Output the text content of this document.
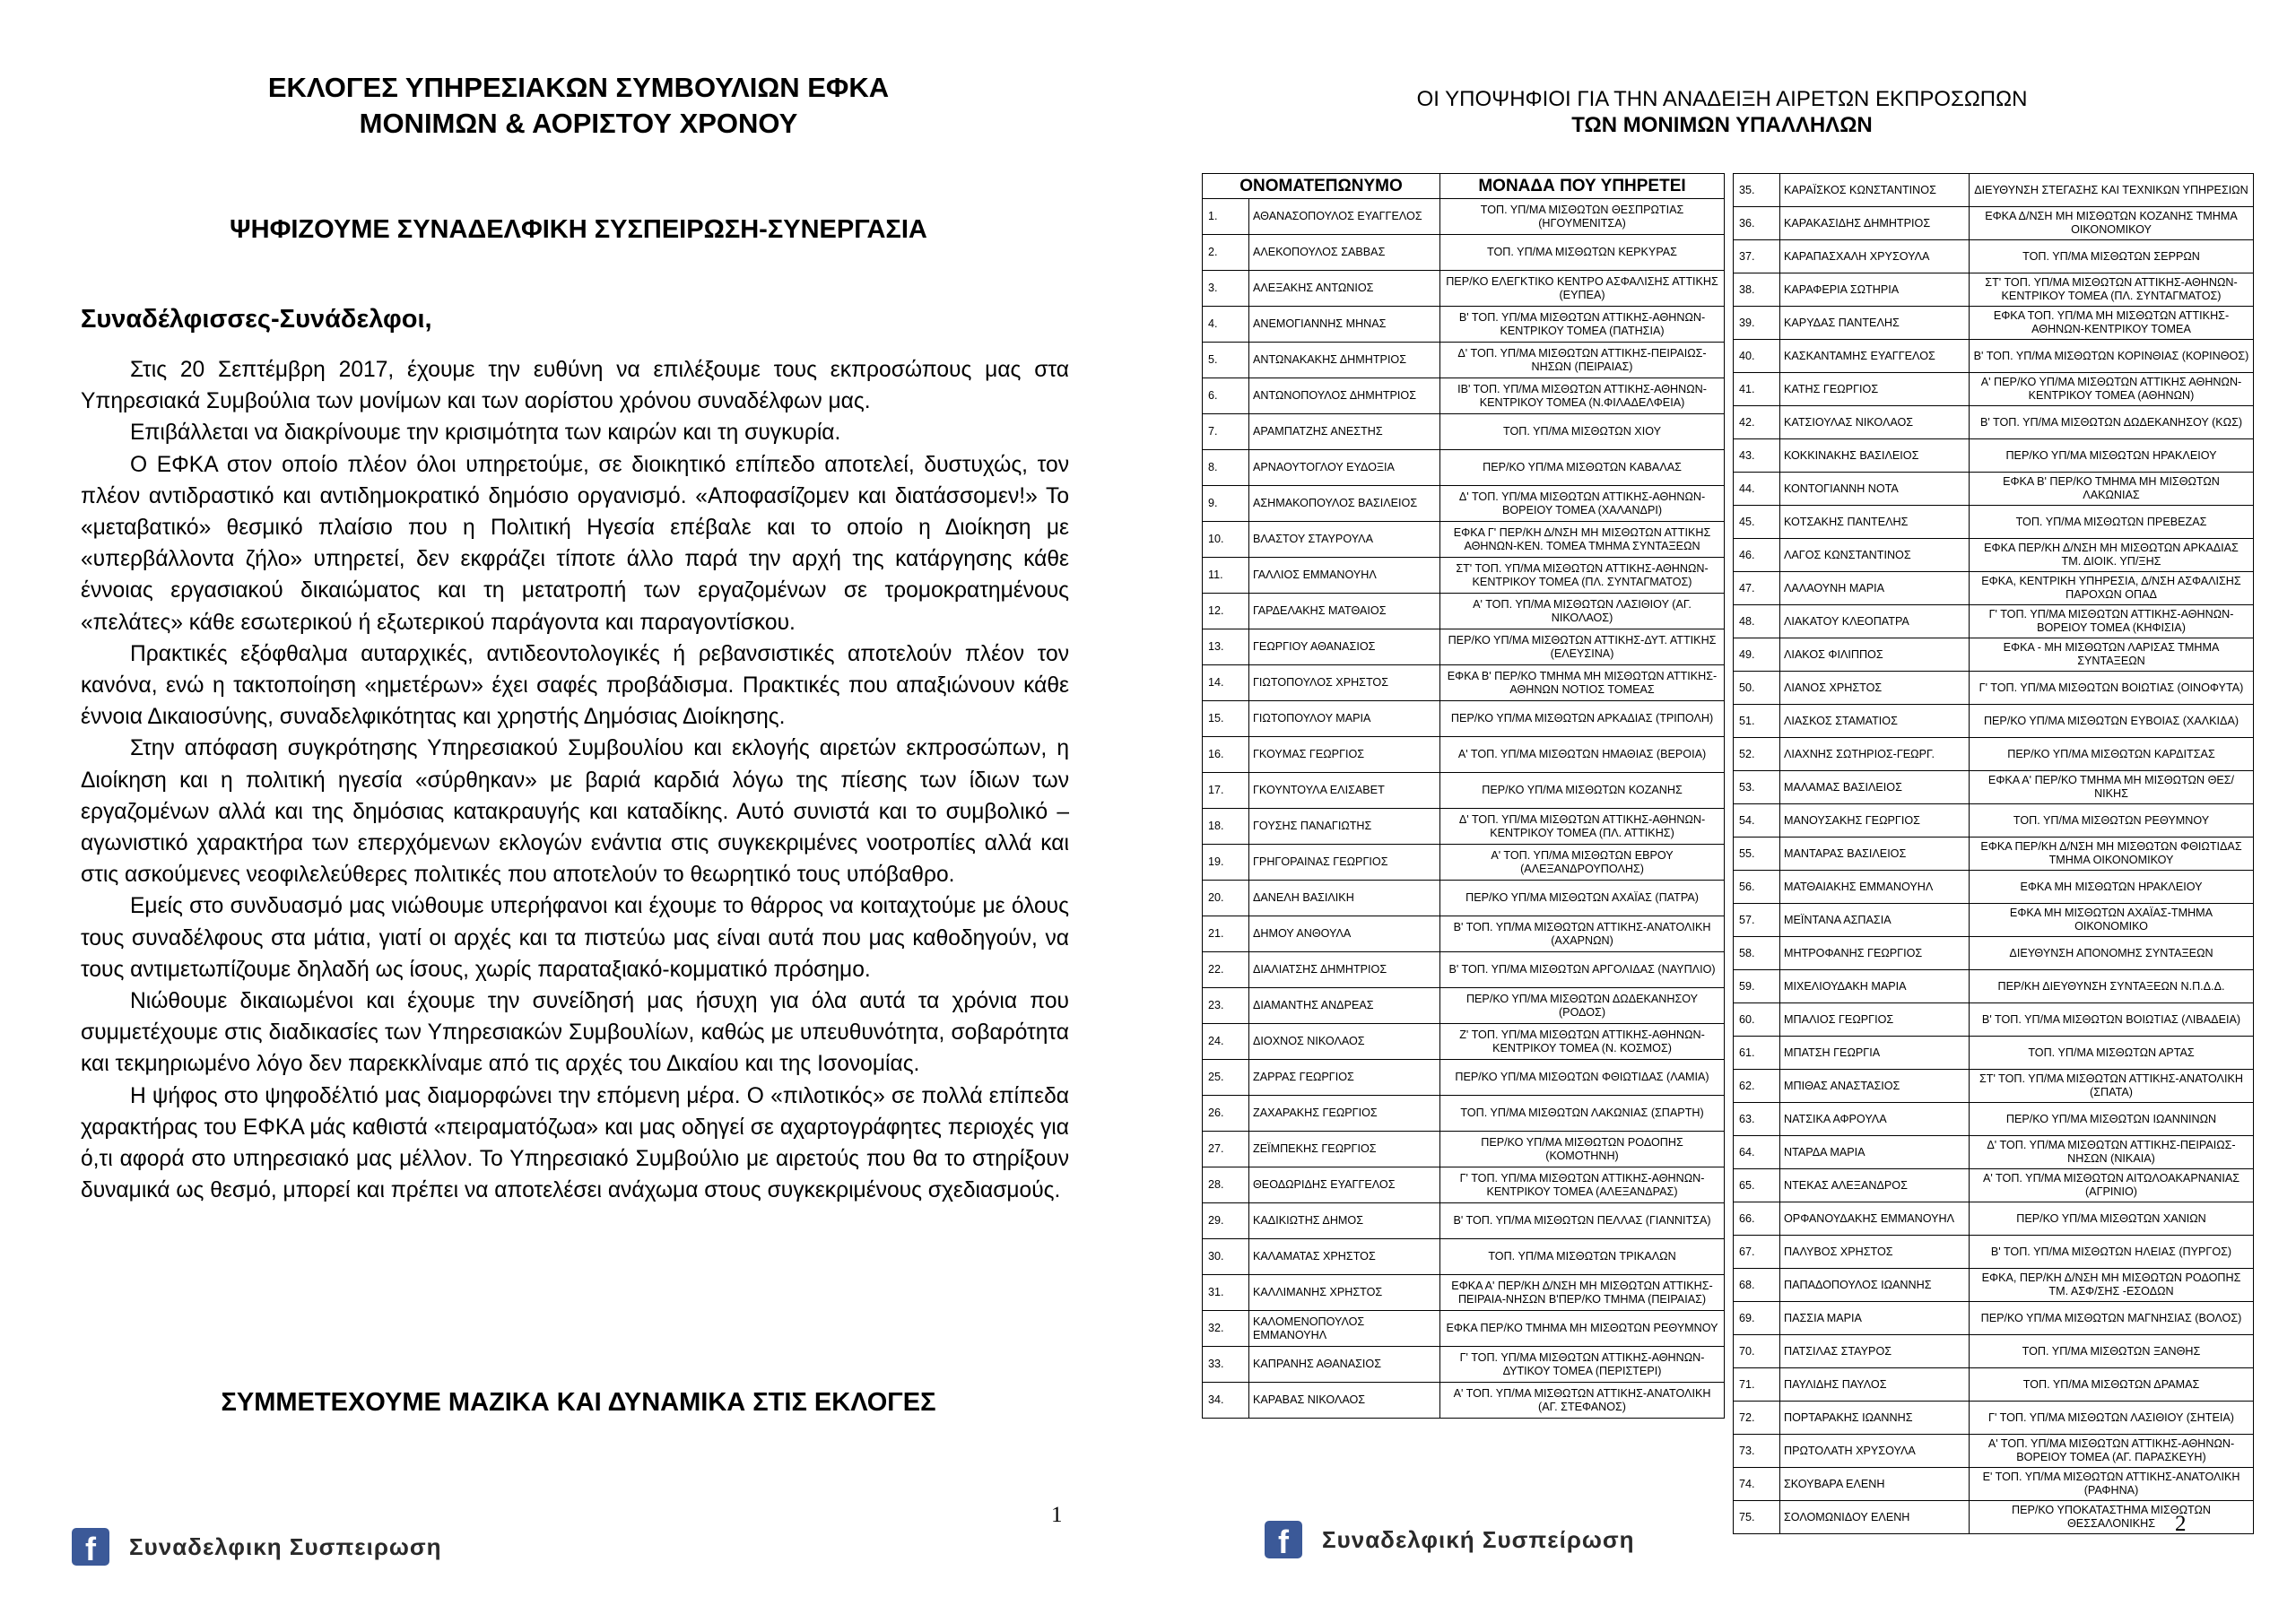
ΕΚΛΟΓΕΣ ΥΠΗΡΕΣΙΑΚΩΝ ΣΥΜΒΟΥΛΙΩΝ ΕΦΚΑ
ΜΟΝΙΜΩΝ & ΑΟΡΙΣΤΟΥ ΧΡΟΝΟΥ
ΨΗΦΙΖΟΥΜΕ ΣΥΝΑΔΕΛΦΙΚΗ ΣΥΣΠΕΙΡΩΣΗ-ΣΥΝΕΡΓΑΣΙΑ
Συναδέλφισσες-Συνάδελφοι,

Στις 20 Σεπτέμβρη 2017, έχουμε την ευθύνη να επιλέξουμε τους εκπροσώπους μας στα Υπηρεσιακά Συμβούλια των μονίμων και των αορίστου χρόνου συναδέλφων μας.

Επιβάλλεται να διακρίνουμε την κρισιμότητα των καιρών και τη συγκυρία.

Ο ΕΦΚΑ στον οποίο πλέον όλοι υπηρετούμε, σε διοικητικό επίπεδο αποτελεί, δυστυχώς, τον πλέον αντιδραστικό και αντιδημοκρατικό δημόσιο οργανισμό. «Αποφασίζομεν και διατάσσομεν!» Το «μεταβατικό» θεσμικό πλαίσιο που η Πολιτική Ηγεσία επέβαλε και το οποίο η Διοίκηση με «υπερβάλλοντα ζήλο» υπηρετεί, δεν εκφράζει τίποτε άλλο παρά την αρχή της κατάργησης κάθε έννοιας εργασιακού δικαιώματος και τη μετατροπή των εργαζομένων σε τρομοκρατημένους «πελάτες» κάθε εσωτερικού ή εξωτερικού παράγοντα και παραγοντίσκου.

Πρακτικές εξόφθαλμα αυταρχικές, αντιδεοντολογικές ή ρεβανσιστικές αποτελούν πλέον τον κανόνα, ενώ η τακτοποίηση «ημετέρων» έχει σαφές προβάδισμα. Πρακτικές που απαξιώνουν κάθε έννοια Δικαιοσύνης, συναδελφικότητας και χρηστής Δημόσιας Διοίκησης.

Στην απόφαση συγκρότησης Υπηρεσιακού Συμβουλίου και εκλογής αιρετών εκπροσώπων, η Διοίκηση και η πολιτική ηγεσία «σύρθηκαν» με βαριά καρδιά λόγω της πίεσης των ίδιων των εργαζομένων αλλά και της δημόσιας κατακραυγής και καταδίκης. Αυτό συνιστά και το συμβολικό – αγωνιστικό χαρακτήρα των επερχόμενων εκλογών ενάντια στις συγκεκριμένες νοοτροπίες αλλά και στις ασκούμενες νεοφιλελεύθερες πολιτικές που αποτελούν το θεωρητικό τους υπόβαθρο.

Εμείς στο συνδυασμό μας νιώθουμε υπερήφανοι και έχουμε το θάρρος να κοιταχτούμε με όλους τους συναδέλφους στα μάτια, γιατί οι αρχές και τα πιστεύω μας είναι αυτά που μας καθοδηγούν, να τους αντιμετωπίζουμε δηλαδή ως ίσους, χωρίς παραταξιακό-κομματικό πρόσημο.

Νιώθουμε δικαιωμένοι και έχουμε την συνείδησή μας ήσυχη για όλα αυτά τα χρόνια που συμμετέχουμε στις διαδικασίες των Υπηρεσιακών Συμβουλίων, καθώς με υπευθυνότητα, σοβαρότητα και τεκμηριωμένο λόγο δεν παρεκκλίναμε από τις αρχές του Δικαίου και της Ισονομίας.

Η ψήφος στο ψηφοδέλτιό μας διαμορφώνει την επόμενη μέρα. Ο «πιλοτικός» σε πολλά επίπεδα χαρακτήρας του ΕΦΚΑ μάς καθιστά «πειραματόζωα» και μας οδηγεί σε αχαρτογράφητες περιοχές για ό,τι αφορά στο υπηρεσιακό μας μέλλον. Το Υπηρεσιακό Συμβούλιο με αιρετούς που θα το στηρίξουν δυναμικά ως θεσμό, μπορεί και πρέπει να αποτελέσει ανάχωμα στους συγκεκριμένους σχεδιασμούς.

ΣΥΜΜΕΤΕΧΟΥΜΕ ΜΑΖΙΚΑ ΚΑΙ ΔΥΝΑΜΙΚΑ ΣΤΙΣ ΕΚΛΟΓΕΣ
1
f	Συναδελφικη Συσπειρωση
ΟΙ ΥΠΟΨΗΦΙΟΙ ΓΙΑ ΤΗΝ ΑΝΑΔΕΙΞΗ ΑΙΡΕΤΩΝ ΕΚΠΡΟΣΩΠΩΝ
ΤΩΝ ΜΟΝΙΜΩΝ ΥΠΑΛΛΗΛΩΝ
ΟΝΟΜΑΤΕΠΩΝΥΜΟ		ΜΟΝΑΔΑ ΠΟΥ ΥΠΗΡΕΤΕΙ
1.	ΑΘΑΝΑΣΟΠΟΥΛΟΣ ΕΥΑΓΓΕΛΟΣ	ΤΟΠ. ΥΠ/ΜΑ ΜΙΣΘΩΤΩΝ ΘΕΣΠΡΩΤΙΑΣ (ΗΓΟΥΜΕΝΙΤΣΑ)
2.	ΑΛΕΚΟΠΟΥΛΟΣ ΣΑΒΒΑΣ	ΤΟΠ. ΥΠ/ΜΑ ΜΙΣΘΩΤΩΝ ΚΕΡΚΥΡΑΣ
3.	ΑΛΕΞΑΚΗΣ ΑΝΤΩΝΙΟΣ	ΠΕΡ/ΚΟ ΕΛΕΓΚΤΙΚΟ ΚΕΝΤΡΟ ΑΣΦΑΛΙΣΗΣ ΑΤΤΙΚΗΣ (ΕΥΠΕΑ)
4.	ΑΝΕΜΟΓΙΑΝΝΗΣ ΜΗΝΑΣ	Β' ΤΟΠ. ΥΠ/ΜΑ ΜΙΣΘΩΤΩΝ ΑΤΤΙΚΗΣ-ΑΘΗΝΩΝ- ΚΕΝΤΡΙΚΟΥ ΤΟΜΕΑ (ΠΑΤΗΣΙΑ)
5.	ΑΝΤΩΝΑΚΑΚΗΣ ΔΗΜΗΤΡΙΟΣ	Δ' ΤΟΠ. ΥΠ/ΜΑ ΜΙΣΘΩΤΩΝ ΑΤΤΙΚΗΣ-ΠΕΙΡΑΙΩΣ-ΝΗΣΩΝ (ΠΕΙΡΑΙΑΣ)
6.	ΑΝΤΩΝΟΠΟΥΛΟΣ ΔΗΜΗΤΡΙΟΣ	ΙΒ' ΤΟΠ. ΥΠ/ΜΑ ΜΙΣΘΩΤΩΝ ΑΤΤΙΚΗΣ-ΑΘΗΝΩΝ-ΚΕΝΤΡΙΚΟΥ ΤΟΜΕΑ (Ν.ΦΙΛΑΔΕΛΦΕΙΑ)
7.	ΑΡΑΜΠΑΤΖΗΣ ΑΝΕΣΤΗΣ	ΤΟΠ. ΥΠ/ΜΑ ΜΙΣΘΩΤΩΝ ΧΙΟΥ
8.	ΑΡΝΑΟΥΤΟΓΛΟΥ ΕΥΔΟΞΙΑ	ΠΕΡ/ΚΟ ΥΠ/ΜΑ ΜΙΣΘΩΤΩΝ ΚΑΒΑΛΑΣ
9.	ΑΣΗΜΑΚΟΠΟΥΛΟΣ ΒΑΣΙΛΕΙΟΣ	Δ' ΤΟΠ. ΥΠ/ΜΑ ΜΙΣΘΩΤΩΝ ΑΤΤΙΚΗΣ-ΑΘΗΝΩΝ-ΒΟΡΕΙΟΥ ΤΟΜΕΑ (ΧΑΛΑΝΔΡΙ)
10.	ΒΛΑΣΤΟΥ ΣΤΑΥΡΟΥΛΑ	ΕΦΚΑ Γ' ΠΕΡ/ΚΗ Δ/ΝΣΗ ΜΗ ΜΙΣΘΩΤΩΝ ΑΤΤΙΚΗΣ ΑΘΗΝΩΝ-ΚΕΝ. ΤΟΜΕΑ ΤΜΗΜΑ ΣΥΝΤΑΞΕΩΝ
11.	ΓΑΛΛΙΟΣ ΕΜΜΑΝΟΥΗΛ	ΣΤ' ΤΟΠ. ΥΠ/ΜΑ ΜΙΣΘΩΤΩΝ ΑΤΤΙΚΗΣ-ΑΘΗΝΩΝ-ΚΕΝΤΡΙΚΟΥ ΤΟΜΕΑ (ΠΛ. ΣΥΝΤΑΓΜΑΤΟΣ)
12.	ΓΑΡΔΕΛΑΚΗΣ ΜΑΤΘΑΙΟΣ	Α' ΤΟΠ. ΥΠ/ΜΑ ΜΙΣΘΩΤΩΝ ΛΑΣΙΘΙΟΥ (ΑΓ. ΝΙΚΟΛΑΟΣ)
13.	ΓΕΩΡΓΙΟΥ ΑΘΑΝΑΣΙΟΣ	ΠΕΡ/ΚΟ ΥΠ/ΜΑ ΜΙΣΘΩΤΩΝ ΑΤΤΙΚΗΣ-ΔΥΤ. ΑΤΤΙΚΗΣ (ΕΛΕΥΣΙΝΑ)
14.	ΓΙΩΤΟΠΟΥΛΟΣ ΧΡΗΣΤΟΣ	ΕΦΚΑ Β' ΠΕΡ/ΚΟ ΤΜΗΜΑ ΜΗ ΜΙΣΘΩΤΩΝ ΑΤΤΙΚΗΣ-ΑΘΗΝΩΝ ΝΟΤΙΟΣ ΤΟΜΕΑΣ
15.	ΓΙΩΤΟΠΟΥΛΟΥ ΜΑΡΙΑ	ΠΕΡ/ΚΟ ΥΠ/ΜΑ ΜΙΣΘΩΤΩΝ ΑΡΚΑΔΙΑΣ (ΤΡΙΠΟΛΗ)
16.	ΓΚΟΥΜΑΣ ΓΕΩΡΓΙΟΣ	Α' ΤΟΠ. ΥΠ/ΜΑ ΜΙΣΘΩΤΩΝ ΗΜΑΘΙΑΣ (ΒΕΡΟΙΑ)
17.	ΓΚΟΥΝΤΟΥΛΑ ΕΛΙΣΑΒΕΤ	ΠΕΡ/ΚΟ ΥΠ/ΜΑ ΜΙΣΘΩΤΩΝ ΚΟΖΑΝΗΣ
18.	ΓΟΥΣΗΣ ΠΑΝΑΓΙΩΤΗΣ	Δ' ΤΟΠ. ΥΠ/ΜΑ ΜΙΣΘΩΤΩΝ ΑΤΤΙΚΗΣ-ΑΘΗΝΩΝ-ΚΕΝΤΡΙΚΟΥ ΤΟΜΕΑ (ΠΛ. ΑΤΤΙΚΗΣ)
19.	ΓΡΗΓΟΡΑΙΝΑΣ ΓΕΩΡΓΙΟΣ	Α' ΤΟΠ. ΥΠ/ΜΑ ΜΙΣΘΩΤΩΝ ΕΒΡΟΥ (ΑΛΕΞΑΝΔΡΟΥΠΟΛΗΣ)
20.	ΔΑΝΕΛΗ ΒΑΣΙΛΙΚΗ	ΠΕΡ/ΚΟ ΥΠ/ΜΑ ΜΙΣΘΩΤΩΝ ΑΧΑΪΑΣ (ΠΑΤΡΑ)
21.	ΔΗΜΟΥ ΑΝΘΟΥΛΑ	Β' ΤΟΠ. ΥΠ/ΜΑ ΜΙΣΘΩΤΩΝ ΑΤΤΙΚΗΣ-ΑΝΑΤΟΛΙΚΗ (ΑΧΑΡΝΩΝ)
22.	ΔΙΑΛΙΑΤΣΗΣ ΔΗΜΗΤΡΙΟΣ	Β' ΤΟΠ. ΥΠ/ΜΑ ΜΙΣΘΩΤΩΝ ΑΡΓΟΛΙΔΑΣ (ΝΑΥΠΛΙΟ)
23.	ΔΙΑΜΑΝΤΗΣ ΑΝΔΡΕΑΣ	ΠΕΡ/ΚΟ ΥΠ/ΜΑ ΜΙΣΘΩΤΩΝ ΔΩΔΕΚΑΝΗΣΟΥ (ΡΟΔΟΣ)
24.	ΔΙΟΧΝΟΣ ΝΙΚΟΛΑΟΣ	Ζ' ΤΟΠ. ΥΠ/ΜΑ ΜΙΣΘΩΤΩΝ ΑΤΤΙΚΗΣ-ΑΘΗΝΩΝ- ΚΕΝΤΡΙΚΟΥ ΤΟΜΕΑ (Ν. ΚΟΣΜΟΣ)
25.	ΖΑΡΡΑΣ ΓΕΩΡΓΙΟΣ	ΠΕΡ/ΚΟ ΥΠ/ΜΑ ΜΙΣΘΩΤΩΝ ΦΘΙΩΤΙΔΑΣ (ΛΑΜΙΑ)
26.	ΖΑΧΑΡΑΚΗΣ ΓΕΩΡΓΙΟΣ	ΤΟΠ. ΥΠ/ΜΑ ΜΙΣΘΩΤΩΝ ΛΑΚΩΝΙΑΣ (ΣΠΑΡΤΗ)
27.	ΖΕΪΜΠΕΚΗΣ ΓΕΩΡΓΙΟΣ	ΠΕΡ/ΚΟ ΥΠ/ΜΑ ΜΙΣΘΩΤΩΝ ΡΟΔΟΠΗΣ (ΚΟΜΟΤΗΝΗ)
28.	ΘΕΟΔΩΡΙΔΗΣ ΕΥΑΓΓΕΛΟΣ	Γ' ΤΟΠ. ΥΠ/ΜΑ ΜΙΣΘΩΤΩΝ ΑΤΤΙΚΗΣ-ΑΘΗΝΩΝ- ΚΕΝΤΡΙΚΟΥ ΤΟΜΕΑ (ΑΛΕΞΑΝΔΡΑΣ)
29.	ΚΑΔΙΚΙΩΤΗΣ ΔΗΜΟΣ	Β' ΤΟΠ. ΥΠ/ΜΑ ΜΙΣΘΩΤΩΝ ΠΕΛΛΑΣ (ΓΙΑΝΝΙΤΣΑ)
30.	ΚΑΛΑΜΑΤΑΣ ΧΡΗΣΤΟΣ	ΤΟΠ. ΥΠ/ΜΑ ΜΙΣΘΩΤΩΝ ΤΡΙΚΑΛΩΝ
31.	ΚΑΛΛΙΜΑΝΗΣ ΧΡΗΣΤΟΣ	ΕΦΚΑ Α' ΠΕΡ/ΚΗ Δ/ΝΣΗ ΜΗ ΜΙΣΘΩΤΩΝ ΑΤΤΙΚΗΣ-ΠΕΙΡΑΙΑ-ΝΗΣΩΝ Β'ΠΕΡ/ΚΟ ΤΜΗΜΑ (ΠΕΙΡΑΙΑΣ)
32.	ΚΑΛΟΜΕΝΟΠΟΥΛΟΣ ΕΜΜΑΝΟΥΗΛ	ΕΦΚΑ ΠΕΡ/ΚΟ ΤΜΗΜΑ ΜΗ ΜΙΣΘΩΤΩΝ ΡΕΘΥΜΝΟΥ
33.	ΚΑΠΡΑΝΗΣ ΑΘΑΝΑΣΙΟΣ	Γ' ΤΟΠ. ΥΠ/ΜΑ ΜΙΣΘΩΤΩΝ ΑΤΤΙΚΗΣ-ΑΘΗΝΩΝ-ΔΥΤΙΚΟΥ ΤΟΜΕΑ (ΠΕΡΙΣΤΕΡΙ)
34.	ΚΑΡΑΒΑΣ ΝΙΚΟΛΑΟΣ	Α' ΤΟΠ. ΥΠ/ΜΑ ΜΙΣΘΩΤΩΝ ΑΤΤΙΚΗΣ-ΑΝΑΤΟΛΙΚΗ (ΑΓ. ΣΤΕΦΑΝΟΣ)
35.	ΚΑΡΑΪΣΚΟΣ ΚΩΝΣΤΑΝΤΙΝΟΣ	ΔΙΕΥΘΥΝΣΗ ΣΤΕΓΑΣΗΣ ΚΑΙ ΤΕΧΝΙΚΩΝ ΥΠΗΡΕΣΙΩΝ
36.	ΚΑΡΑΚΑΣΙΔΗΣ ΔΗΜΗΤΡΙΟΣ	ΕΦΚΑ Δ/ΝΣΗ ΜΗ ΜΙΣΘΩΤΩΝ ΚΟΖΑΝΗΣ ΤΜΗΜΑ ΟΙΚΟΝΟΜΙΚΟΥ
37.	ΚΑΡΑΠΑΣΧΑΛΗ ΧΡΥΣΟΥΛΑ	ΤΟΠ. ΥΠ/ΜΑ ΜΙΣΘΩΤΩΝ ΣΕΡΡΩΝ
38.	ΚΑΡΑΦΕΡΙΑ ΣΩΤΗΡΙΑ	ΣΤ' ΤΟΠ. ΥΠ/ΜΑ ΜΙΣΘΩΤΩΝ ΑΤΤΙΚΗΣ-ΑΘΗΝΩΝ-ΚΕΝΤΡΙΚΟΥ ΤΟΜΕΑ (ΠΛ. ΣΥΝΤΑΓΜΑΤΟΣ)
39.	ΚΑΡΥΔΑΣ ΠΑΝΤΕΛΗΣ	ΕΦΚΑ ΤΟΠ. ΥΠ/ΜΑ ΜΗ ΜΙΣΘΩΤΩΝ ΑΤΤΙΚΗΣ-ΑΘΗΝΩΝ-ΚΕΝΤΡΙΚΟΥ ΤΟΜΕΑ
40.	ΚΑΣΚΑΝΤΑΜΗΣ ΕΥΑΓΓΕΛΟΣ	Β' ΤΟΠ. ΥΠ/ΜΑ ΜΙΣΘΩΤΩΝ ΚΟΡΙΝΘΙΑΣ (ΚΟΡΙΝΘΟΣ)
41.	ΚΑΤΗΣ ΓΕΩΡΓΙΟΣ	Α' ΠΕΡ/ΚΟ ΥΠ/ΜΑ ΜΙΣΘΩΤΩΝ ΑΤΤΙΚΗΣ ΑΘΗΝΩΝ-ΚΕΝΤΡΙΚΟΥ ΤΟΜΕΑ (ΑΘΗΝΩΝ)
42.	ΚΑΤΣΙΟΥΛΑΣ ΝΙΚΟΛΑΟΣ	Β' ΤΟΠ. ΥΠ/ΜΑ ΜΙΣΘΩΤΩΝ ΔΩΔΕΚΑΝΗΣΟΥ (ΚΩΣ)
43.	ΚΟΚΚΙΝΑΚΗΣ ΒΑΣΙΛΕΙΟΣ	ΠΕΡ/ΚΟ ΥΠ/ΜΑ ΜΙΣΘΩΤΩΝ ΗΡΑΚΛΕΙΟΥ
44.	ΚΟΝΤΟΓΙΑΝΝΗ ΝΟΤΑ	ΕΦΚΑ Β' ΠΕΡ/ΚΟ ΤΜΗΜΑ ΜΗ ΜΙΣΘΩΤΩΝ ΛΑΚΩΝΙΑΣ
45.	ΚΟΤΣΑΚΗΣ ΠΑΝΤΕΛΗΣ	ΤΟΠ. ΥΠ/ΜΑ ΜΙΣΘΩΤΩΝ ΠΡΕΒΕΖΑΣ
46.	ΛΑΓΟΣ ΚΩΝΣΤΑΝΤΙΝΟΣ	ΕΦΚΑ ΠΕΡ/ΚΗ Δ/ΝΣΗ ΜΗ ΜΙΣΘΩΤΩΝ ΑΡΚΑΔΙΑΣ ΤΜ. ΔΙΟΙΚ. ΥΠ/ΞΗΣ
47.	ΛΑΛΑΟΥΝΗ ΜΑΡΙΑ	ΕΦΚΑ, ΚΕΝΤΡΙΚΗ ΥΠΗΡΕΣΙΑ, Δ/ΝΣΗ ΑΣΦΑΛΙΣΗΣ ΠΑΡΟΧΩΝ ΟΠΑΔ
48.	ΛΙΑΚΑΤΟΥ ΚΛΕΟΠΑΤΡΑ	Γ' ΤΟΠ. ΥΠ/ΜΑ ΜΙΣΘΩΤΩΝ ΑΤΤΙΚΗΣ-ΑΘΗΝΩΝ-ΒΟΡΕΙΟΥ ΤΟΜΕΑ (ΚΗΦΙΣΙΑ)
49.	ΛΙΑΚΟΣ ΦΙΛΙΠΠΟΣ	ΕΦΚΑ - ΜΗ ΜΙΣΘΩΤΩΝ ΛΑΡΙΣΑΣ ΤΜΗΜΑ ΣΥΝΤΑΞΕΩΝ
50.	ΛΙΑΝΟΣ ΧΡΗΣΤΟΣ	Γ' ΤΟΠ. ΥΠ/ΜΑ ΜΙΣΘΩΤΩΝ ΒΟΙΩΤΙΑΣ (ΟΙΝΟΦΥΤΑ)
51.	ΛΙΑΣΚΟΣ ΣΤΑΜΑΤΙΟΣ	ΠΕΡ/ΚΟ ΥΠ/ΜΑ ΜΙΣΘΩΤΩΝ ΕΥΒΟΙΑΣ (ΧΑΛΚΙΔΑ)
52.	ΛΙΑΧΝΗΣ ΣΩΤΗΡΙΟΣ-ΓΕΩΡΓ.	ΠΕΡ/ΚΟ ΥΠ/ΜΑ ΜΙΣΘΩΤΩΝ ΚΑΡΔΙΤΣΑΣ
53.	ΜΑΛΑΜΑΣ ΒΑΣΙΛΕΙΟΣ	ΕΦΚΑ Α' ΠΕΡ/ΚΟ ΤΜΗΜΑ ΜΗ ΜΙΣΘΩΤΩΝ ΘΕΣ/ΝΙΚΗΣ
54.	ΜΑΝΟΥΣΑΚΗΣ ΓΕΩΡΓΙΟΣ	ΤΟΠ. ΥΠ/ΜΑ ΜΙΣΘΩΤΩΝ ΡΕΘΥΜΝΟΥ
55.	ΜΑΝΤΑΡΑΣ ΒΑΣΙΛΕΙΟΣ	ΕΦΚΑ ΠΕΡ/ΚΗ Δ/ΝΣΗ ΜΗ ΜΙΣΘΩΤΩΝ ΦΘΙΩΤΙΔΑΣ ΤΜΗΜΑ ΟΙΚΟΝΟΜΙΚΟΥ
56.	ΜΑΤΘΑΙΑΚΗΣ ΕΜΜΑΝΟΥΗΛ	ΕΦΚΑ ΜΗ ΜΙΣΘΩΤΩΝ ΗΡΑΚΛΕΙΟΥ
57.	ΜΕΪΝΤΑΝΑ ΑΣΠΑΣΙΑ	ΕΦΚΑ ΜΗ ΜΙΣΘΩΤΩΝ ΑΧΑΪΑΣ-ΤΜΗΜΑ ΟΙΚΟΝΟΜΙΚΟ
58.	ΜΗΤΡΟΦΑΝΗΣ ΓΕΩΡΓΙΟΣ	ΔΙΕΥΘΥΝΣΗ ΑΠΟΝΟΜΗΣ ΣΥΝΤΑΞΕΩΝ
59.	ΜΙΧΕΛΙΟΥΔΑΚΗ ΜΑΡΙΑ	ΠΕΡ/ΚΗ ΔΙΕΥΘΥΝΣΗ ΣΥΝΤΑΞΕΩΝ Ν.Π.Δ.Δ.
60.	ΜΠΑΛΙΟΣ ΓΕΩΡΓΙΟΣ	Β' ΤΟΠ. ΥΠ/ΜΑ ΜΙΣΘΩΤΩΝ ΒΟΙΩΤΙΑΣ (ΛΙΒΑΔΕΙΑ)
61.	ΜΠΑΤΣΗ ΓΕΩΡΓΙΑ	ΤΟΠ. ΥΠ/ΜΑ ΜΙΣΘΩΤΩΝ ΑΡΤΑΣ
62.	ΜΠΙΘΑΣ ΑΝΑΣΤΑΣΙΟΣ	ΣΤ' ΤΟΠ. ΥΠ/ΜΑ ΜΙΣΘΩΤΩΝ ΑΤΤΙΚΗΣ-ΑΝΑΤΟΛΙΚΗ (ΣΠΑΤΑ)
63.	ΝΑΤΣΙΚΑ ΑΦΡΟΥΛΑ	ΠΕΡ/ΚΟ ΥΠ/ΜΑ ΜΙΣΘΩΤΩΝ ΙΩΑΝΝΙΝΩΝ
64.	ΝΤΑΡΔΑ ΜΑΡΙΑ	Δ' ΤΟΠ. ΥΠ/ΜΑ ΜΙΣΘΩΤΩΝ ΑΤΤΙΚΗΣ-ΠΕΙΡΑΙΩΣ-ΝΗΣΩΝ (ΝΙΚΑΙΑ)
65.	ΝΤΕΚΑΣ ΑΛΕΞΑΝΔΡΟΣ	Α' ΤΟΠ. ΥΠ/ΜΑ ΜΙΣΘΩΤΩΝ ΑΙΤΩΛΟΑΚΑΡΝΑΝΙΑΣ (ΑΓΡΙΝΙΟ)
66.	ΟΡΦΑΝΟΥΔΑΚΗΣ ΕΜΜΑΝΟΥΗΛ	ΠΕΡ/ΚΟ ΥΠ/ΜΑ ΜΙΣΘΩΤΩΝ ΧΑΝΙΩΝ
67.	ΠΑΛΥΒΟΣ ΧΡΗΣΤΟΣ	Β' ΤΟΠ. ΥΠ/ΜΑ ΜΙΣΘΩΤΩΝ ΗΛΕΙΑΣ (ΠΥΡΓΟΣ)
68.	ΠΑΠΑΔΟΠΟΥΛΟΣ ΙΩΑΝΝΗΣ	ΕΦΚΑ, ΠΕΡ/ΚΗ Δ/ΝΣΗ ΜΗ ΜΙΣΘΩΤΩΝ ΡΟΔΟΠΗΣ ΤΜ. ΑΣΦ/ΣΗΣ -ΕΣΟΔΩΝ
69.	ΠΑΣΣΙΑ ΜΑΡΙΑ	ΠΕΡ/ΚΟ ΥΠ/ΜΑ ΜΙΣΘΩΤΩΝ ΜΑΓΝΗΣΙΑΣ (ΒΟΛΟΣ)
70.	ΠΑΤΣΙΛΑΣ ΣΤΑΥΡΟΣ	ΤΟΠ. ΥΠ/ΜΑ ΜΙΣΘΩΤΩΝ ΞΑΝΘΗΣ
71.	ΠΑΥΛΙΔΗΣ ΠΑΥΛΟΣ	ΤΟΠ. ΥΠ/ΜΑ ΜΙΣΘΩΤΩΝ ΔΡΑΜΑΣ
72.	ΠΟΡΤΑΡΑΚΗΣ ΙΩΑΝΝΗΣ	Γ' ΤΟΠ. ΥΠ/ΜΑ ΜΙΣΘΩΤΩΝ ΛΑΣΙΘΙΟΥ (ΣΗΤΕΙΑ)
73.	ΠΡΩΤΟΛΑΤΗ ΧΡΥΣΟΥΛΑ	Α' ΤΟΠ. ΥΠ/ΜΑ ΜΙΣΘΩΤΩΝ ΑΤΤΙΚΗΣ-ΑΘΗΝΩΝ-ΒΟΡΕΙΟΥ ΤΟΜΕΑ (ΑΓ. ΠΑΡΑΣΚΕΥΗ)
74.	ΣΚΟΥΒΑΡΑ ΕΛΕΝΗ	Ε' ΤΟΠ. ΥΠ/ΜΑ ΜΙΣΘΩΤΩΝ ΑΤΤΙΚΗΣ-ΑΝΑΤΟΛΙΚΗ (ΡΑΦΗΝΑ)
75.	ΣΟΛΟΜΩΝΙΔΟΥ ΕΛΕΝΗ	ΠΕΡ/ΚΟ ΥΠΟΚΑΤΑΣΤΗΜΑ ΜΙΣΘΩΤΩΝ ΘΕΣΣΑΛΟΝΙΚΗΣ 2
f	Συναδελφική Συσπείρωση
